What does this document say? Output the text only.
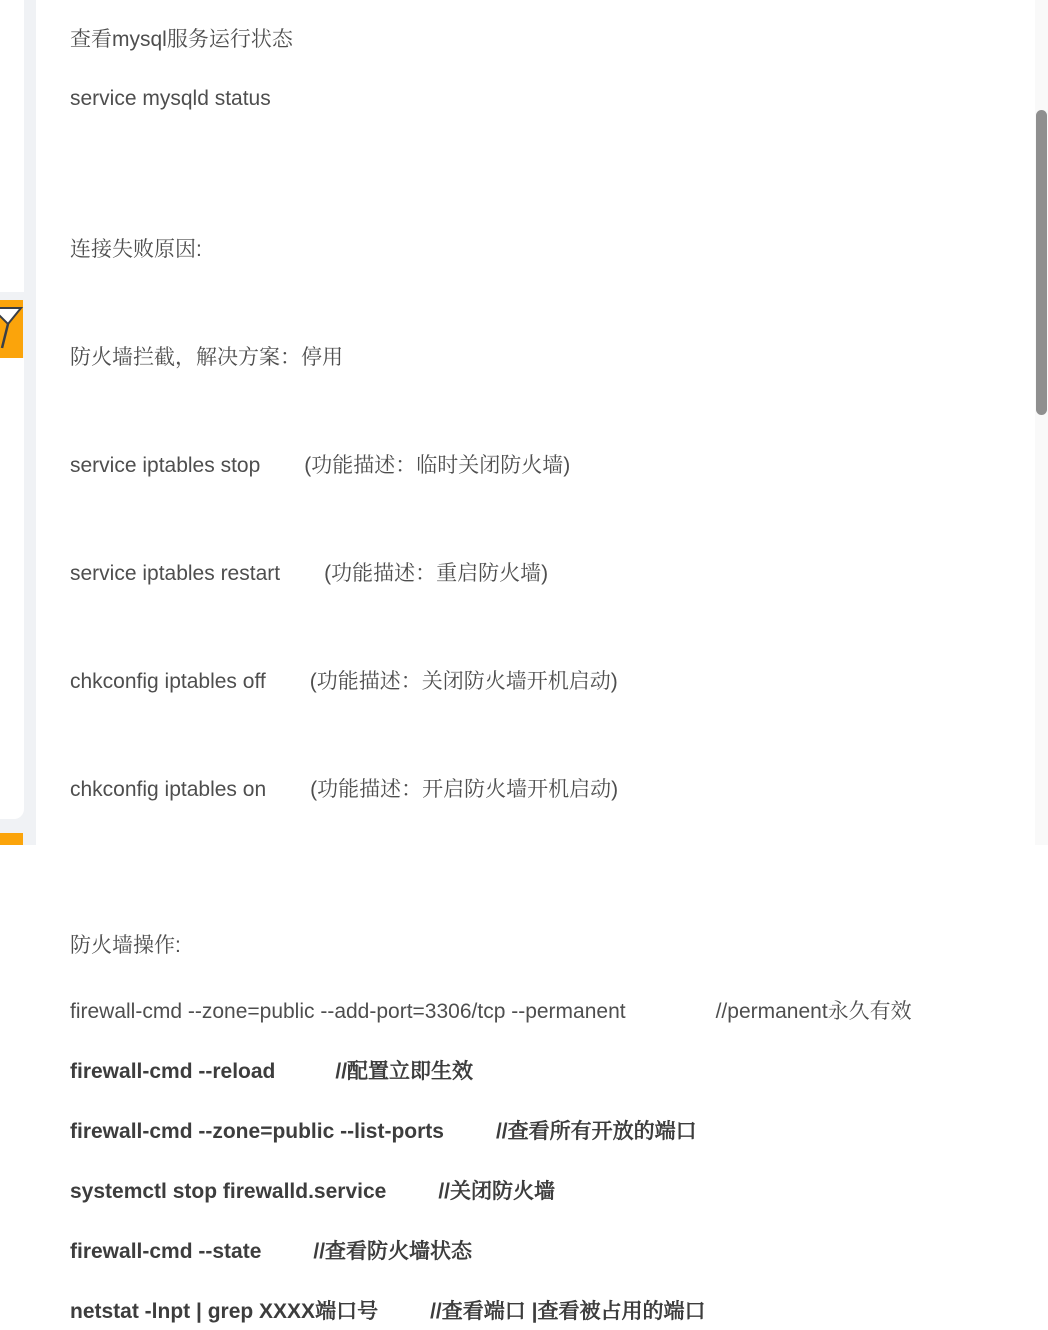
查看mysql服务运行状态

service mysqld status

连接失败原因:

防火墙拦截，解决方案：停用

service iptables stop (功能描述：临时关闭防火墙)

service iptables restart (功能描述：重启防火墙)

chkconfig iptables off (功能描述：关闭防火墙开机启动)

chkconfig iptables on (功能描述：开启防火墙开机启动)

防火墙操作:

firewall-cmd --zone=public --add-port=3306/tcp --permanent	//permanent永久有效

firewall-cmd --reload	//配置立即生效

firewall-cmd --zone=public --list-ports //查看所有开放的端口

systemctl stop firewalld.service //关闭防火墙

firewall-cmd --state //查看防火墙状态

netstat -lnpt | grep XXXX端口号 //查看端口 |查看被占用的端口
